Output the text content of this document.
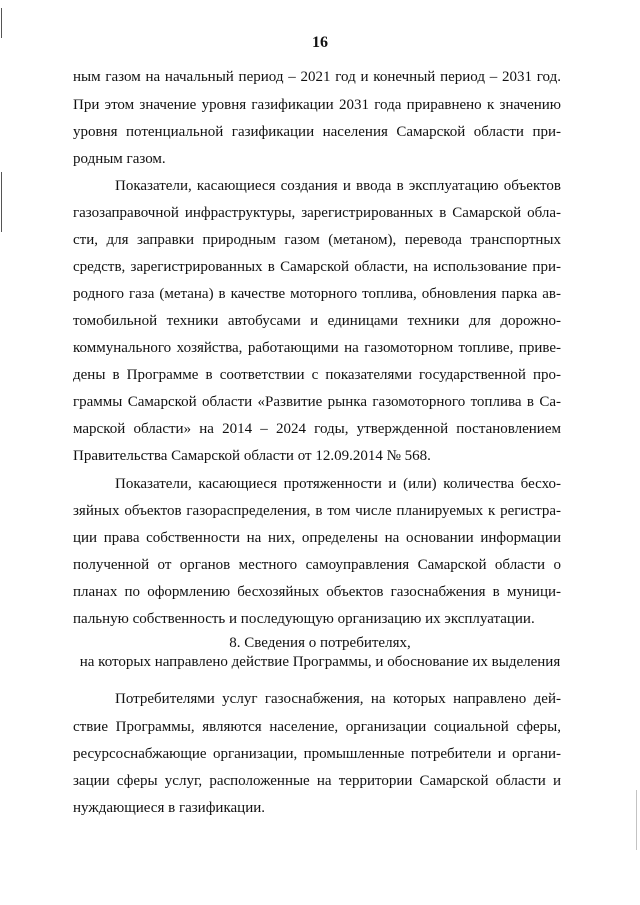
16
ным газом на начальный период – 2021 год и конечный период – 2031 год.
При этом значение уровня газификации 2031 года приравнено к значению
уровня потенциальной газификации населения Самарской области при-
родным газом.
Показатели, касающиеся создания и ввода в эксплуатацию объектов
газозаправочной инфраструктуры, зарегистрированных в Самарской обла-
сти, для заправки природным газом (метаном), перевода транспортных
средств, зарегистрированных в Самарской области, на использование при-
родного газа (метана) в качестве моторного топлива, обновления парка ав-
томобильной техники автобусами и единицами техники для дорожно-
коммунального хозяйства, работающими на газомоторном топливе, приве-
дены в Программе в соответствии с показателями государственной про-
граммы Самарской области «Развитие рынка газомоторного топлива в Са-
марской области» на 2014 – 2024 годы, утвержденной постановлением
Правительства Самарской области от 12.09.2014 № 568.
Показатели, касающиеся протяженности и (или) количества бесхо-
зяйных объектов газораспределения, в том числе планируемых к регистра-
ции права собственности на них, определены на основании информации
полученной от органов местного самоуправления Самарской области о
планах по оформлению бесхозяйных объектов газоснабжения в муници-
пальную собственность и последующую организацию их эксплуатации.
8. Сведения о потребителях,
на которых направлено действие Программы, и обоснование их выделения
Потребителями услуг газоснабжения, на которых направлено дей-
ствие Программы, являются население, организации социальной сферы,
ресурсоснабжающие организации, промышленные потребители и органи-
зации сферы услуг, расположенные на территории Самарской области и
нуждающиеся в газификации.
